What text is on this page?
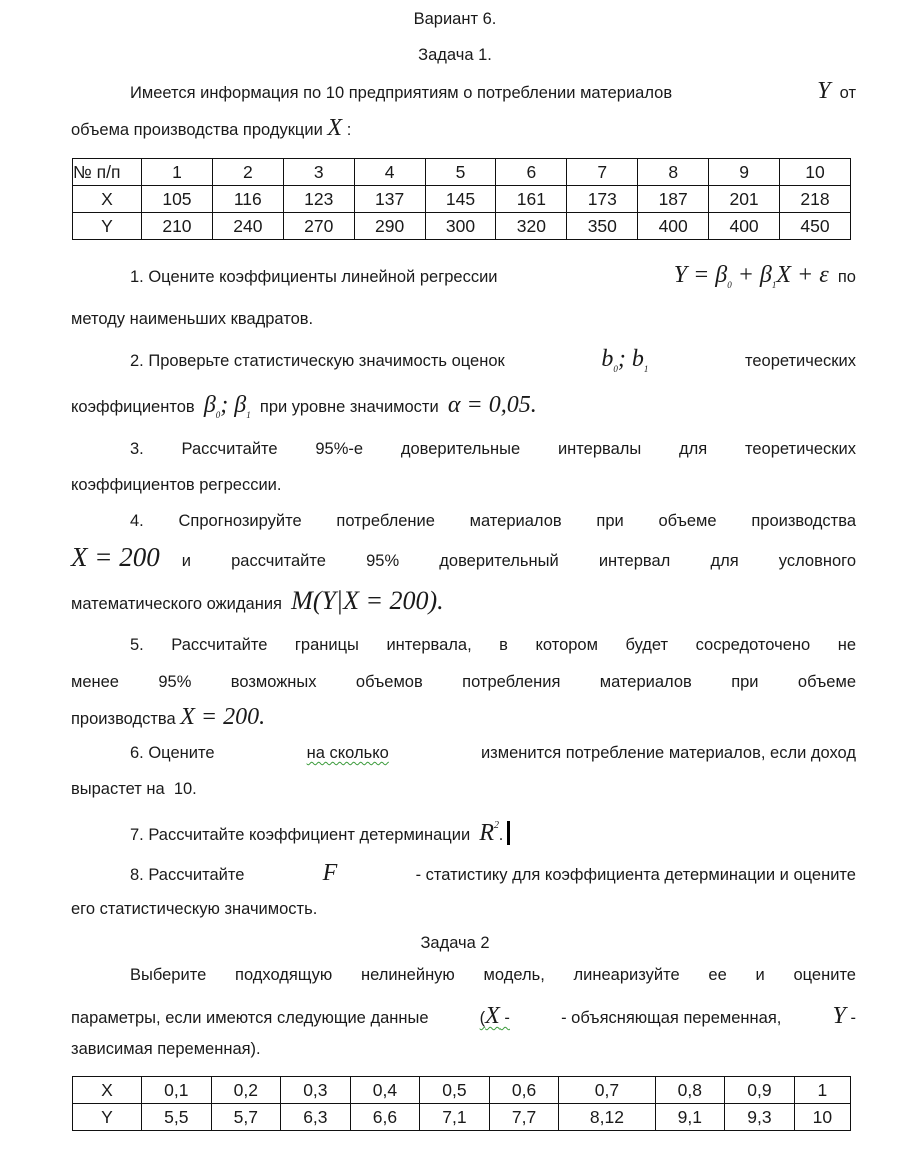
Вариант 6.
Задача 1.
Имеется информация по 10 предприятиям о потреблении материалов	Y от
объема производства продукции X :
№ п/п	1	2	3	4	5	6	7	8	9	10
X	105	116	123	137	145	161	173	187	201	218
Y	210	240	270	290	300	320	350	400	400	450
1. Оцените коэффициенты линейной регрессии	$Y = \beta_0 + \beta_1X + \varepsilon$ по
методу наименьших квадратов.
2. Проверьте статистическую значимость оценок	$b_0$; $b_1$	теоретических
коэффициентов $\beta_0$; $\beta_1$ при уровне значимости α = 0,05.
3. Рассчитайте 95%-е доверительные интервалы для теоретических
коэффициентов регрессии.
4. Спрогнозируйте потребление материалов при объеме производства
X = 200 и рассчитайте 95% доверительный интервал для условного
математического ожидания M(Y|X = 200).
5. Рассчитайте границы интервала, в котором будет сосредоточено не
менее 95% возможных объемов потребления материалов при объеме
производства X = 200.
6. Оцените	на сколько	изменится потребление материалов, если доход
вырастет на  10.
7. Рассчитайте коэффициент детерминации $R^2$.
8. Рассчитайте	F	- статистику для коэффициента детерминации и оцените
его статистическую значимость.
Задача 2
Выберите подходящую нелинейную модель, линеаризуйте ее и оцените
параметры, если имеются следующие данные	(X -	- объясняющая переменная, Y -
зависимая переменная).
X	0,1	0,2	0,3	0,4	0,5	0,6	0,7	0,8	0,9	1
Y	5,5	5,7	6,3	6,6	7,1	7,7	8,12	9,1	9,3	10
